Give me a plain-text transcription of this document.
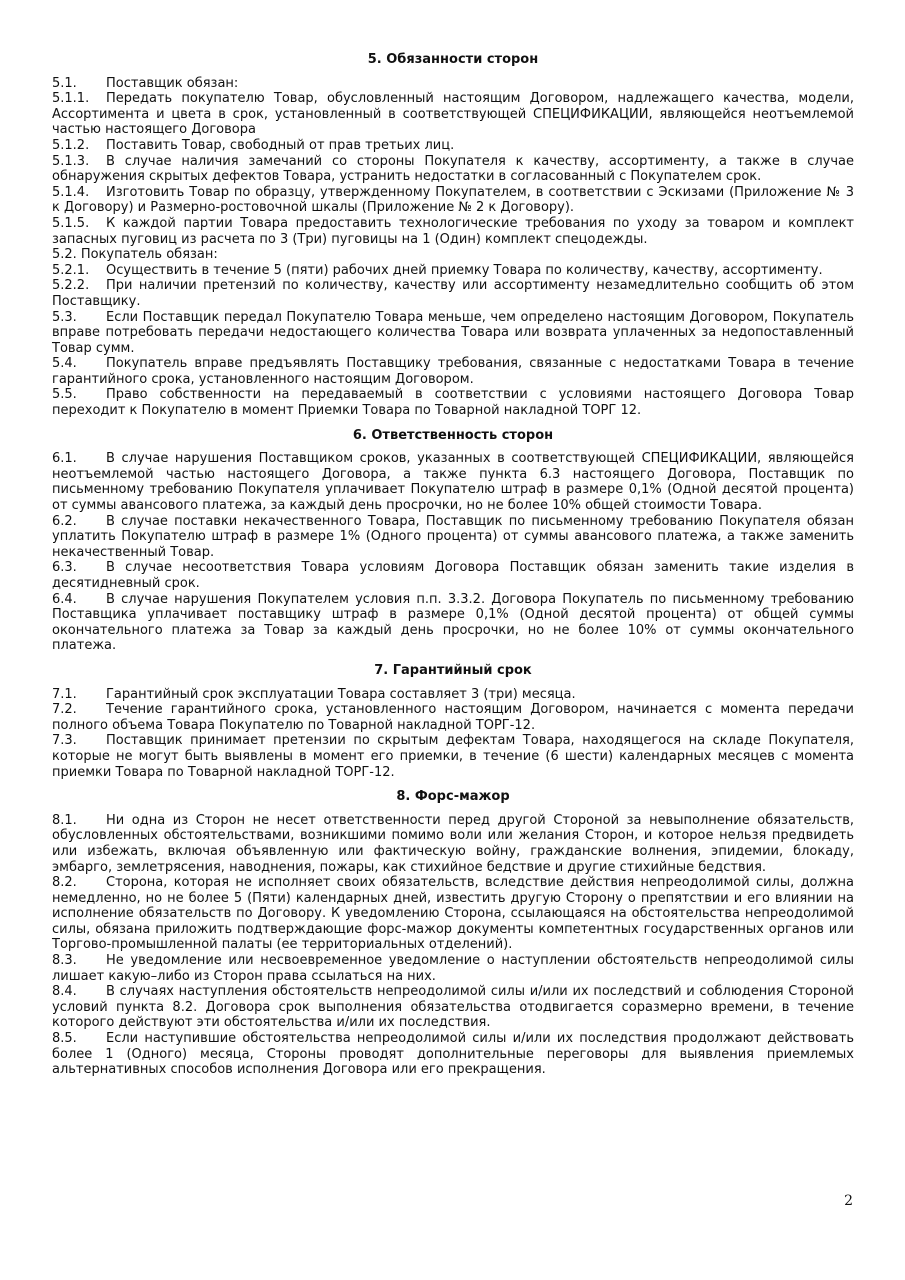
5. Обязанности сторон

5.1. Поставщик обязан:

5.1.1. Передать покупателю Товар, обусловленный настоящим Договором, надлежащего качества, модели, Ассортимента и цвета в срок, установленный в соответствующей СПЕЦИФИКАЦИИ, являющейся неотъемлемой частью настоящего Договора

5.1.2. Поставить Товар, свободный от прав третьих лиц.

5.1.3. В случае наличия замечаний со стороны Покупателя к качеству, ассортименту, а также в случае обнаружения скрытых дефектов Товара, устранить недостатки в согласованный с Покупателем срок.

5.1.4. Изготовить Товар по образцу, утвержденному Покупателем, в соответствии с Эскизами (Приложение № 3 к Договору) и Размерно-ростовочной шкалы (Приложение № 2 к Договору).

5.1.5. К каждой партии Товара предоставить технологические требования по уходу за товаром и комплект запасных пуговиц из расчета по 3 (Три) пуговицы на 1 (Один) комплект спецодежды.

5.2. Покупатель обязан:

5.2.1. Осуществить в течение 5 (пяти) рабочих дней приемку Товара по количеству, качеству, ассортименту.

5.2.2. При наличии претензий по количеству, качеству или ассортименту незамедлительно сообщить об этом Поставщику.

5.3. Если Поставщик передал Покупателю Товара меньше, чем определено настоящим Договором, Покупатель вправе потребовать передачи недостающего количества Товара или возврата уплаченных за недопоставленный Товар сумм.

5.4. Покупатель вправе предъявлять Поставщику требования, связанные с недостатками Товара в течение гарантийного срока, установленного настоящим Договором.

5.5. Право собственности на передаваемый в соответствии с условиями настоящего Договора Товар переходит к Покупателю в момент Приемки Товара по Товарной накладной ТОРГ 12.

6. Ответственность сторон

6.1. В случае нарушения Поставщиком сроков, указанных в соответствующей СПЕЦИФИКАЦИИ, являющейся неотъемлемой частью настоящего Договора, а также пункта 6.3 настоящего Договора, Поставщик по письменному требованию Покупателя уплачивает Покупателю штраф в размере 0,1% (Одной десятой процента) от суммы авансового платежа, за каждый день просрочки, но не более 10% общей стоимости Товара.

6.2. В случае поставки некачественного Товара, Поставщик по письменному требованию Покупателя обязан уплатить Покупателю штраф в размере 1% (Одного процента) от суммы авансового платежа, а также заменить некачественный Товар.

6.3. В случае несоответствия Товара условиям Договора Поставщик обязан заменить такие изделия в десятидневный срок.

6.4. В случае нарушения Покупателем условия п.п. 3.3.2. Договора Покупатель по письменному требованию Поставщика уплачивает поставщику штраф в размере 0,1% (Одной десятой процента) от общей суммы окончательного платежа за Товар за каждый день просрочки, но не более 10% от суммы окончательного платежа.

7. Гарантийный срок

7.1. Гарантийный срок эксплуатации Товара составляет 3 (три) месяца.

7.2. Течение гарантийного срока, установленного настоящим Договором, начинается с момента передачи полного объема Товара Покупателю по Товарной накладной ТОРГ-12.

7.3. Поставщик принимает претензии по скрытым дефектам Товара, находящегося на складе Покупателя, которые не могут быть выявлены в момент его приемки, в течение (6 шести) календарных месяцев с момента приемки Товара по Товарной накладной ТОРГ-12.

8. Форс-мажор

8.1. Ни одна из Сторон не несет ответственности перед другой Стороной за невыполнение обязательств, обусловленных обстоятельствами, возникшими помимо воли или желания Сторон, и которое нельзя предвидеть или избежать, включая объявленную или фактическую войну, гражданские волнения, эпидемии, блокаду, эмбарго, землетрясения, наводнения, пожары, как стихийное бедствие и другие стихийные бедствия.

8.2. Сторона, которая не исполняет своих обязательств, вследствие действия непреодолимой силы, должна немедленно, но не более 5 (Пяти) календарных дней, известить другую Сторону о препятствии и его влиянии на исполнение обязательств по Договору. К уведомлению Сторона, ссылающаяся на обстоятельства непреодолимой силы, обязана приложить подтверждающие форс-мажор документы компетентных государственных органов или Торгово-промышленной палаты (ее территориальных отделений).

8.3. Не уведомление или несвоевременное уведомление о наступлении обстоятельств непреодолимой силы лишает какую–либо из Сторон права ссылаться на них.

8.4. В случаях наступления обстоятельств непреодолимой силы и/или их последствий и соблюдения Стороной условий пункта 8.2. Договора срок выполнения обязательства отодвигается соразмерно времени, в течение которого действуют эти обстоятельства и/или их последствия.

8.5. Если наступившие обстоятельства непреодолимой силы и/или их последствия продолжают действовать более 1 (Одного) месяца, Стороны проводят дополнительные переговоры для выявления приемлемых альтернативных способов исполнения Договора или его прекращения.

2
